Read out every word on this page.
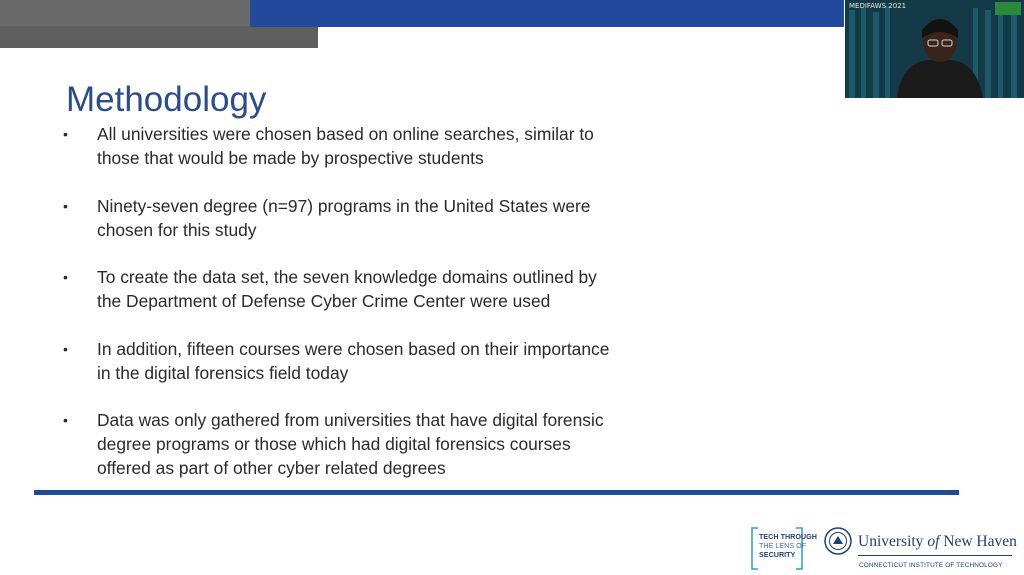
Methodology
• All universities were chosen based on online searches, similar to
those that would be made by prospective students
• Ninety-seven degree (n=97) programs in the United States were
chosen for this study
• To create the data set, the seven knowledge domains outlined by
the Department of Defense Cyber Crime Center were used
• In addition, fifteen courses were chosen based on their importance
in the digital forensics field today
• Data was only gathered from universities that have digital forensic
degree programs or those which had digital forensics courses
offered as part of other cyber related degrees
MEDIFAWS 2021
TECH THROUGH
THE LENS OF
SECURITY
University of New Haven
CONNECTICUT INSTITUTE OF TECHNOLOGY
